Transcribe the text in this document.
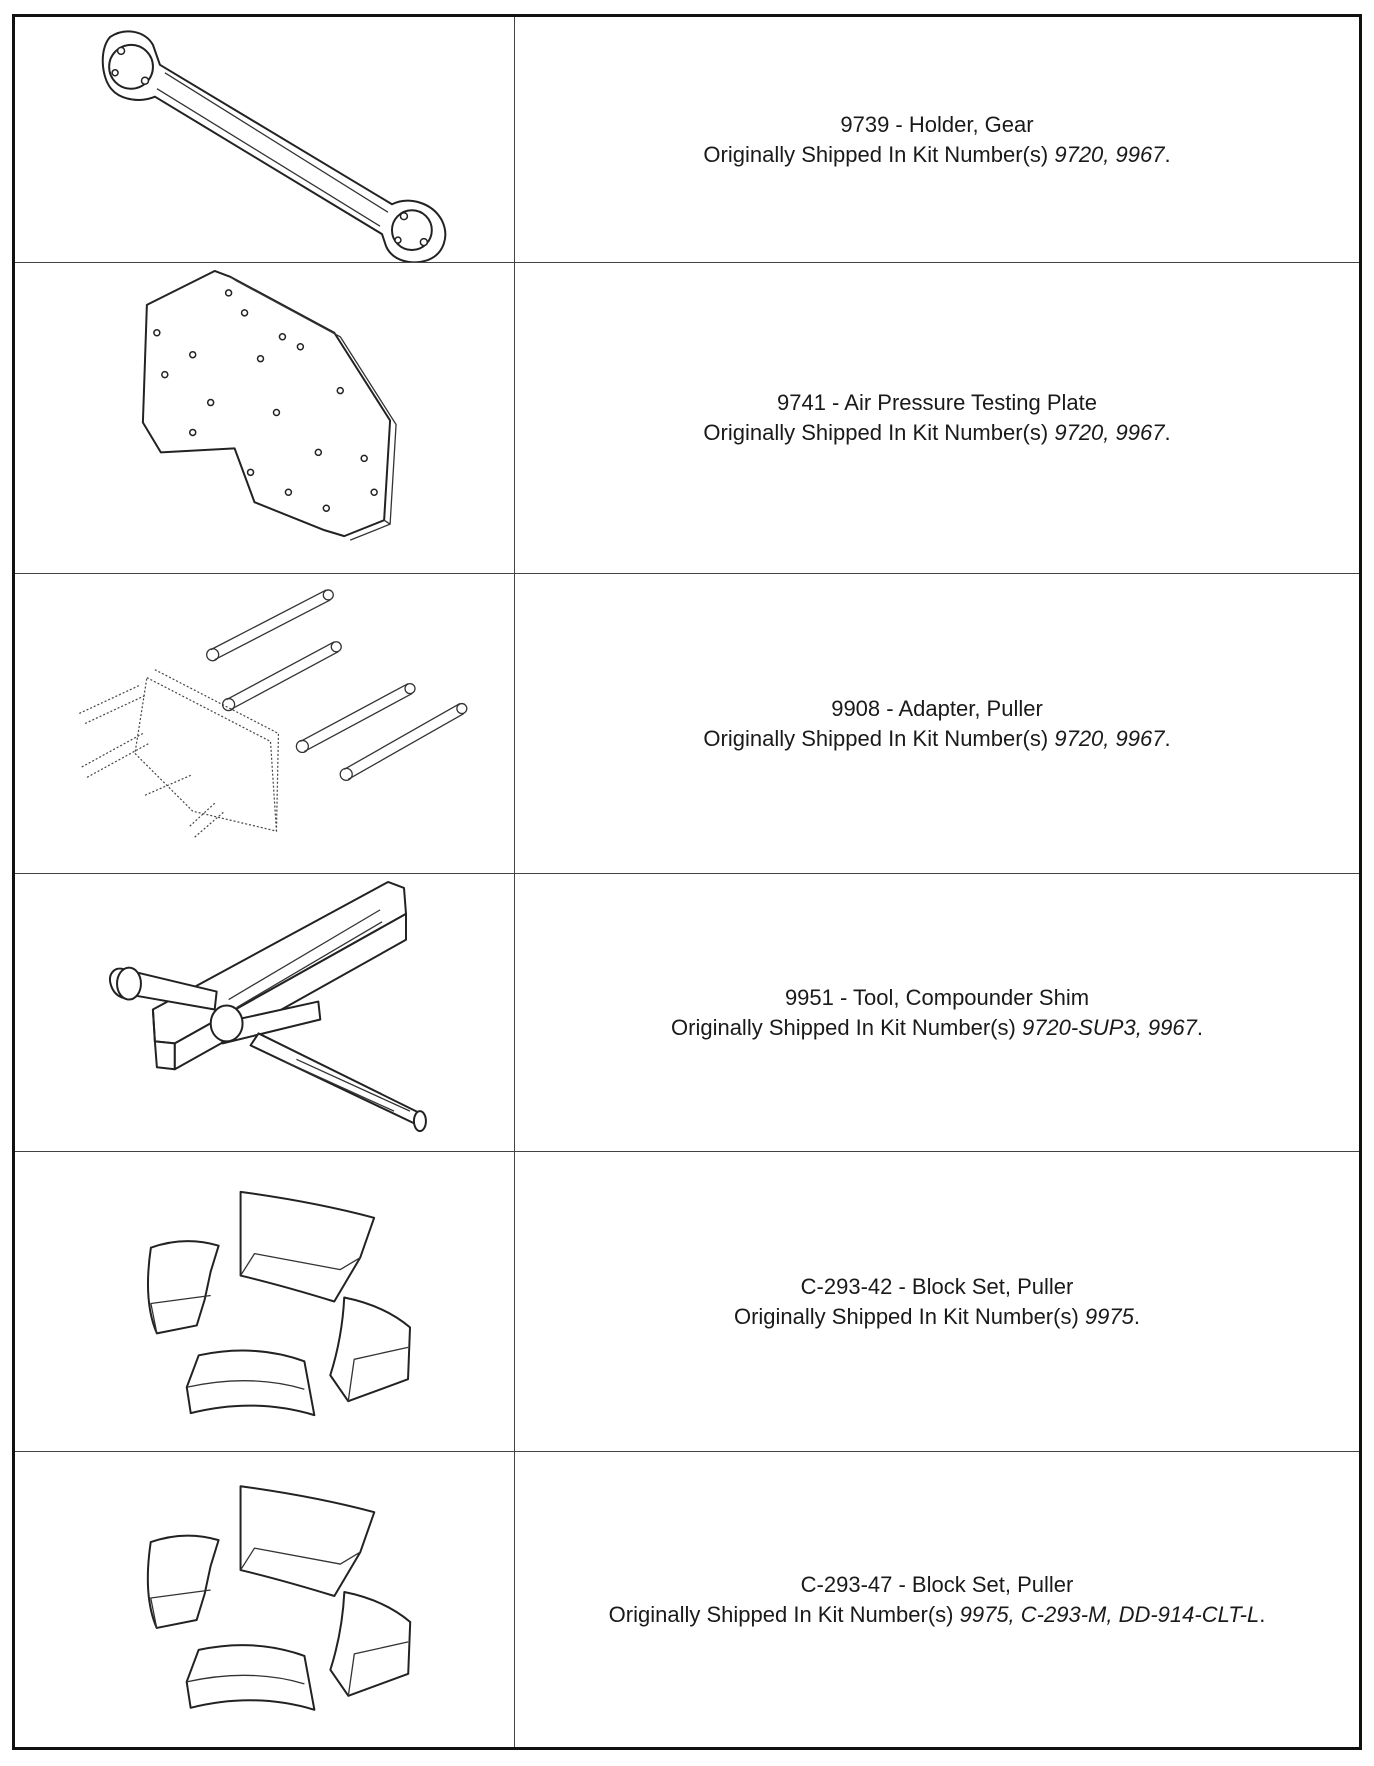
9739 - Holder, Gear
Originally Shipped In Kit Number(s) 9720, 9967.
9741 - Air Pressure Testing Plate
Originally Shipped In Kit Number(s) 9720, 9967.
9908 - Adapter, Puller
Originally Shipped In Kit Number(s) 9720, 9967.
9951 - Tool, Compounder Shim
Originally Shipped In Kit Number(s) 9720-SUP3, 9967.
C-293-42 - Block Set, Puller
Originally Shipped In Kit Number(s) 9975.
C-293-47 - Block Set, Puller
Originally Shipped In Kit Number(s) 9975, C-293-M, DD-914-CLT-L.
